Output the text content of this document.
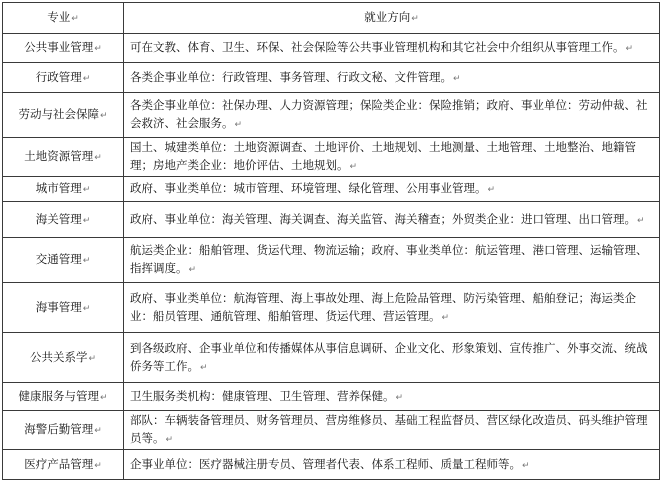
专业↵	就业方向↵
公共事业管理↵	可在文教、体育、卫生、环保、社会保险等公共事业管理机构和其它社会中介组织从事管理工作。↵
行政管理↵	各类企事业单位：行政管理、事务管理、行政文秘、文件管理。↵
劳动与社会保障↵	各类企事业单位：社保办理、人力资源管理；保险类企业：保险推销；政府、事业单位：劳动仲裁、社会救济、社会服务。↵
土地资源管理↵	国土、城建类单位：土地资源调查、土地评价、土地规划、土地测量、土地管理、土地整治、地籍管理；房地产类企业：地价评估、土地规划。↵
城市管理↵	政府、事业类单位：城市管理、环境管理、绿化管理、公用事业管理。↵
海关管理↵	政府、事业单位：海关管理、海关调查、海关监管、海关稽查；外贸类企业：进口管理、出口管理。↵
交通管理↵	航运类企业：船舶管理、货运代理、物流运输；政府、事业类单位：航运管理、港口管理、运输管理、指挥调度。↵
海事管理↵	政府、事业类单位：航海管理、海上事故处理、海上危险品管理、防污染管理、船舶登记；海运类企业：船员管理、通航管理、船舶管理、货运代理、营运管理。↵
公共关系学↵	到各级政府、企事业单位和传播媒体从事信息调研、企业文化、形象策划、宣传推广、外事交流、统战侨务等工作。↵
健康服务与管理↵	卫生服务类机构：健康管理、卫生管理、营养保健。↵
海警后勤管理↵	部队：车辆装备管理员、财务管理员、营房维修员、基础工程监督员、营区绿化改造员、码头维护管理员等。↵
医疗产品管理↵	企事业单位：医疗器械注册专员、管理者代表、体系工程师、质量工程师等。↵
